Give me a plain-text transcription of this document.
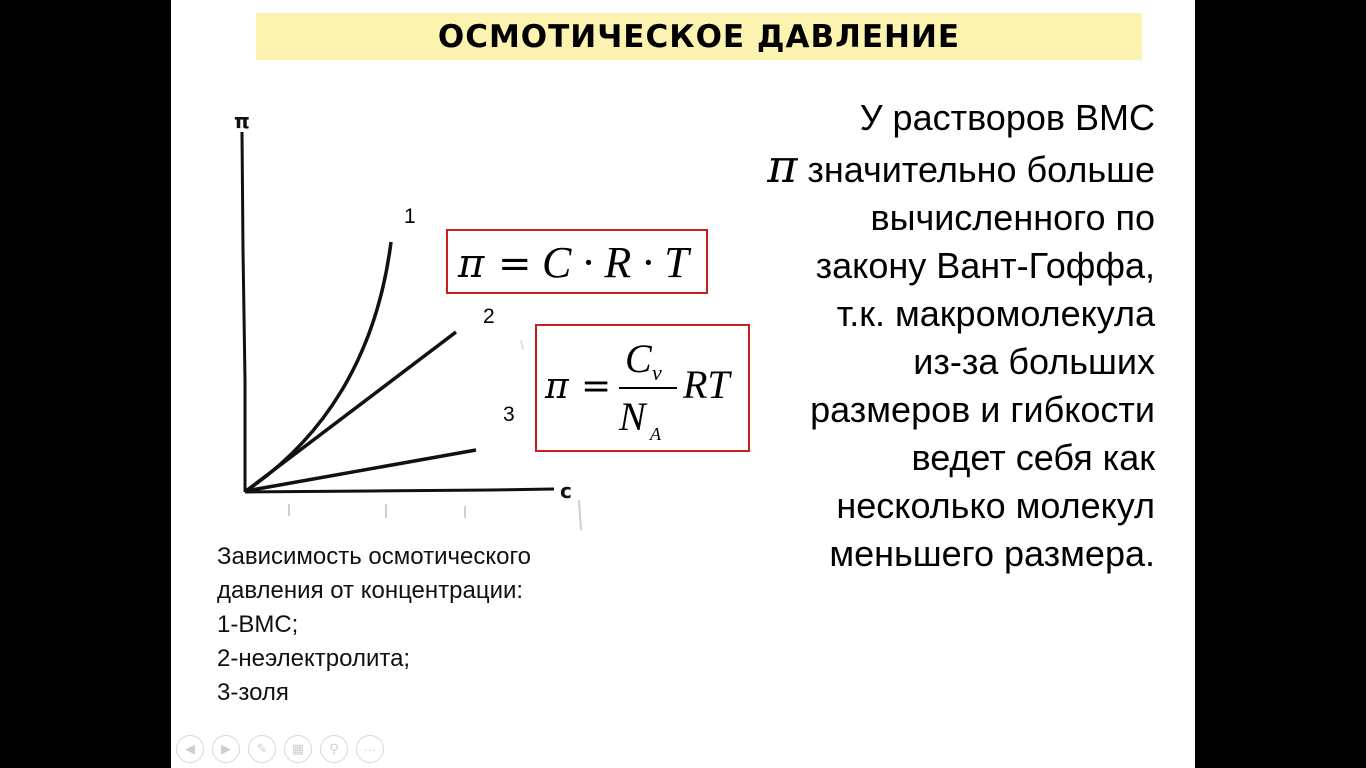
ОСМОТИЧЕСКОЕ ДАВЛЕНИЕ
π
c
1
2
3
π = C · R · T
π =
C ν
N A
RT
У растворов ВМС
π значительно больше
вычисленного по
закону Вант-Гоффа,
т.к. макромолекула
из-за больших
размеров и гибкости
ведет себя как
несколько молекул
меньшего размера.
Зависимость осмотического
давления от концентрации:
1-ВМС;
2-неэлектролита;
3-золя
◀ ▶ ✎ ▦ ⚲ ···
